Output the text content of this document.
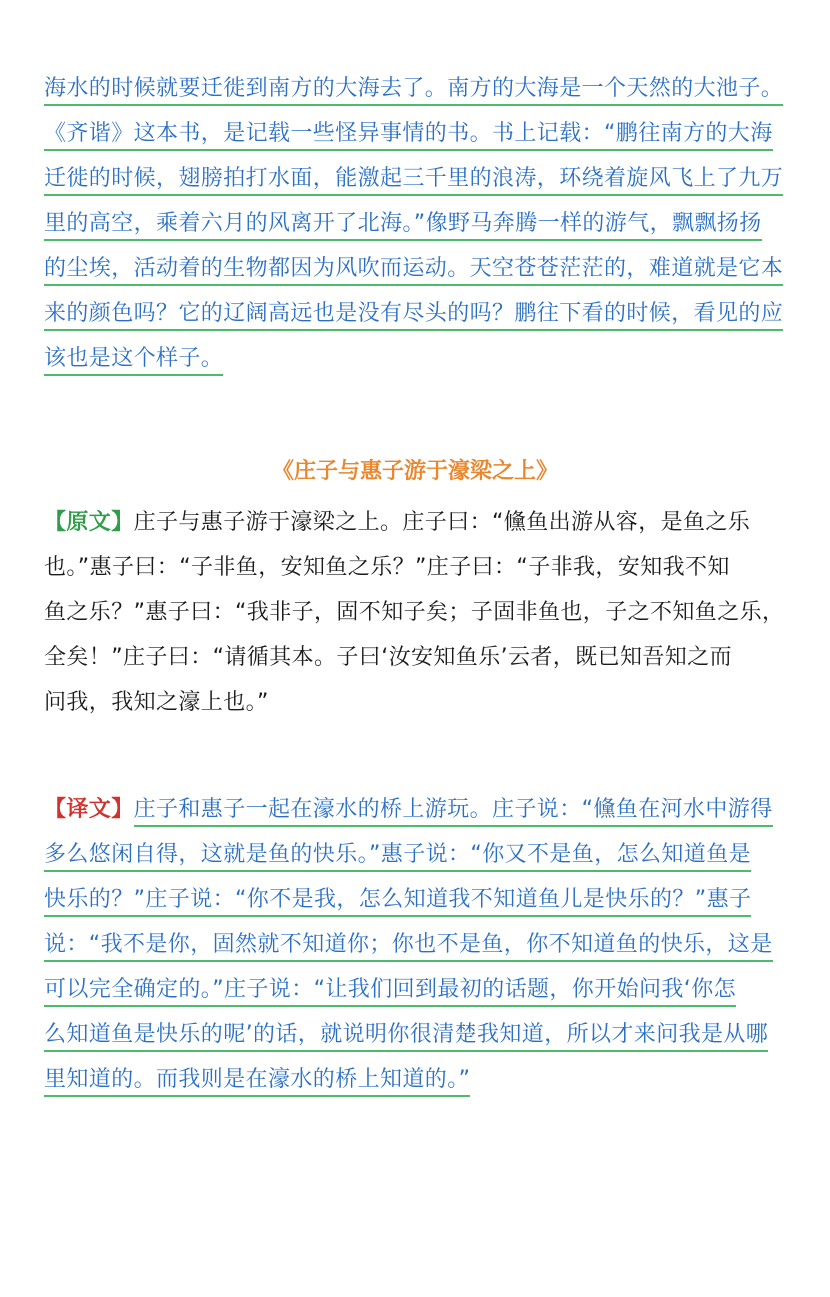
海水的时候就要迁徙到南方的大海去了。南方的大海是一个天然的大池子。
《齐谐》这本书，是记载一些怪异事情的书。书上记载：“鹏往南方的大海
迁徙的时候，翅膀拍打水面，能激起三千里的浪涛，环绕着旋风飞上了九万
里的高空，乘着六月的风离开了北海。”像野马奔腾一样的游气，飘飘扬扬
的尘埃，活动着的生物都因为风吹而运动。天空苍苍茫茫的，难道就是它本
来的颜色吗？它的辽阔高远也是没有尽头的吗？鹏往下看的时候，看见的应
该也是这个样子。
《庄子与惠子游于濠梁之上》
【原文】庄子与惠子游于濠梁之上。庄子曰：“儵鱼出游从容，是鱼之乐
也。”惠子曰：“子非鱼，安知鱼之乐？”庄子曰：“子非我，安知我不知
鱼之乐？”惠子曰：“我非子，固不知子矣；子固非鱼也，子之不知鱼之乐，
全矣！”庄子曰：“请循其本。子曰‘汝安知鱼乐’云者，既已知吾知之而
问我，我知之濠上也。”
【译文】庄子和惠子一起在濠水的桥上游玩。庄子说：“儵鱼在河水中游得
多么悠闲自得，这就是鱼的快乐。”惠子说：“你又不是鱼，怎么知道鱼是
快乐的？”庄子说：“你不是我，怎么知道我不知道鱼儿是快乐的？”惠子
说：“我不是你，固然就不知道你；你也不是鱼，你不知道鱼的快乐，这是
可以完全确定的。”庄子说：“让我们回到最初的话题，你开始问我‘你怎
么知道鱼是快乐的呢’的话，就说明你很清楚我知道，所以才来问我是从哪
里知道的。而我则是在濠水的桥上知道的。”
